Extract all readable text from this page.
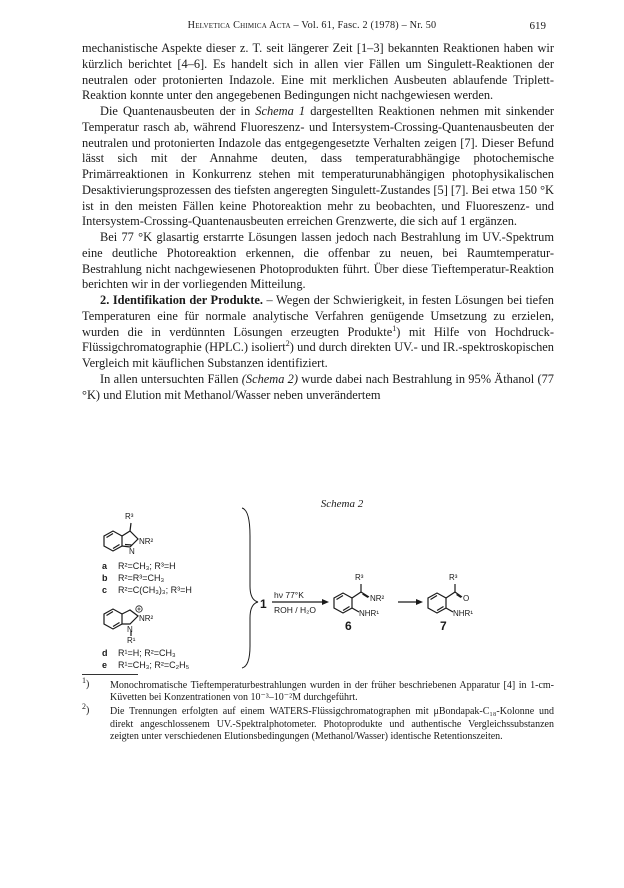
Helvetica Chimica Acta – Vol. 61, Fasc. 2 (1978) – Nr. 50	619

mechanistische Aspekte dieser z. T. seit längerer Zeit [1–3] bekannten Reaktionen haben wir kürzlich berichtet [4–6]. Es handelt sich in allen vier Fällen um Singulett-Reaktionen der neutralen oder protonierten Indazole. Eine mit merklichen Ausbeuten ablaufende Triplett-Reaktion konnte unter den angegebenen Bedingungen nicht nachgewiesen werden.

Die Quantenausbeuten der in Schema 1 dargestellten Reaktionen nehmen mit sinkender Temperatur rasch ab, während Fluoreszenz- und Intersystem-Crossing-Quantenausbeuten der neutralen und protonierten Indazole das entgegengesetzte Verhalten zeigen [7]. Dieser Befund lässt sich mit der Annahme deuten, dass temperaturabhängige photochemische Primärreaktionen in Konkurrenz stehen mit temperaturunabhängigen photophysikalischen Desaktivierungsprozessen des tiefsten angeregten Singulett-Zustandes [5] [7]. Bei etwa 150 °K ist in den meisten Fällen keine Photoreaktion mehr zu beobachten, und Fluoreszenz- und Intersystem-Crossing-Quantenausbeuten erreichen Grenzwerte, die sich auf 1 ergänzen.

Bei 77 °K glasartig erstarrte Lösungen lassen jedoch nach Bestrahlung im UV.-Spektrum eine deutliche Photoreaktion erkennen, die offenbar zu neuen, bei Raumtemperatur-Bestrahlung nicht nachgewiesenen Photoprodukten führt. Über diese Tieftemperatur-Reaktion berichten wir in der vorliegenden Mitteilung.

2. Identifikation der Produkte. – Wegen der Schwierigkeit, in festen Lösungen bei tiefen Temperaturen eine für normale analytische Verfahren genügende Umsetzung zu erzielen, wurden die in verdünnten Lösungen erzeugten Produkte$^1$) mit Hilfe von Hochdruck-Flüssigchromatographie (HPLC.) isoliert$^2$) und durch direkten UV.- und IR.-spektroskopischen Vergleich mit käuflichen Substanzen identifiziert.

In allen untersuchten Fällen (Schema 2) wurde dabei nach Bestrahlung in 95% Äthanol (77 °K) und Elution mit Methanol/Wasser neben unverändertem

Schema 2
R³
NR²
N
a R²=CH₃; R³=H
b R²=R³=CH₃
c R²=C(CH₃)₃; R³=H
NR²
N
R¹
d R¹=H; R²=CH₃
e R¹=CH₃; R²=C₂H₅
1
hν 77°K
ROH / H₂O
R³
NR²
NHR¹
6
R³
O
NHR¹
7
1) Monochromatische Tieftemperaturbestrahlungen wurden in der früher beschriebenen Apparatur [4] in 1-cm-Küvetten bei Konzentrationen von 10⁻³–10⁻²M durchgeführt.
2) Die Trennungen erfolgten auf einem WATERS-Flüssigchromatographen mit μBondapak-C₁₈-Kolonne und direkt angeschlossenem UV.-Spektralphotometer. Photoprodukte und authentische Vergleichssubstanzen zeigten unter verschiedenen Elutionsbedingungen (Methanol/Wasser) identische Retentionszeiten.
